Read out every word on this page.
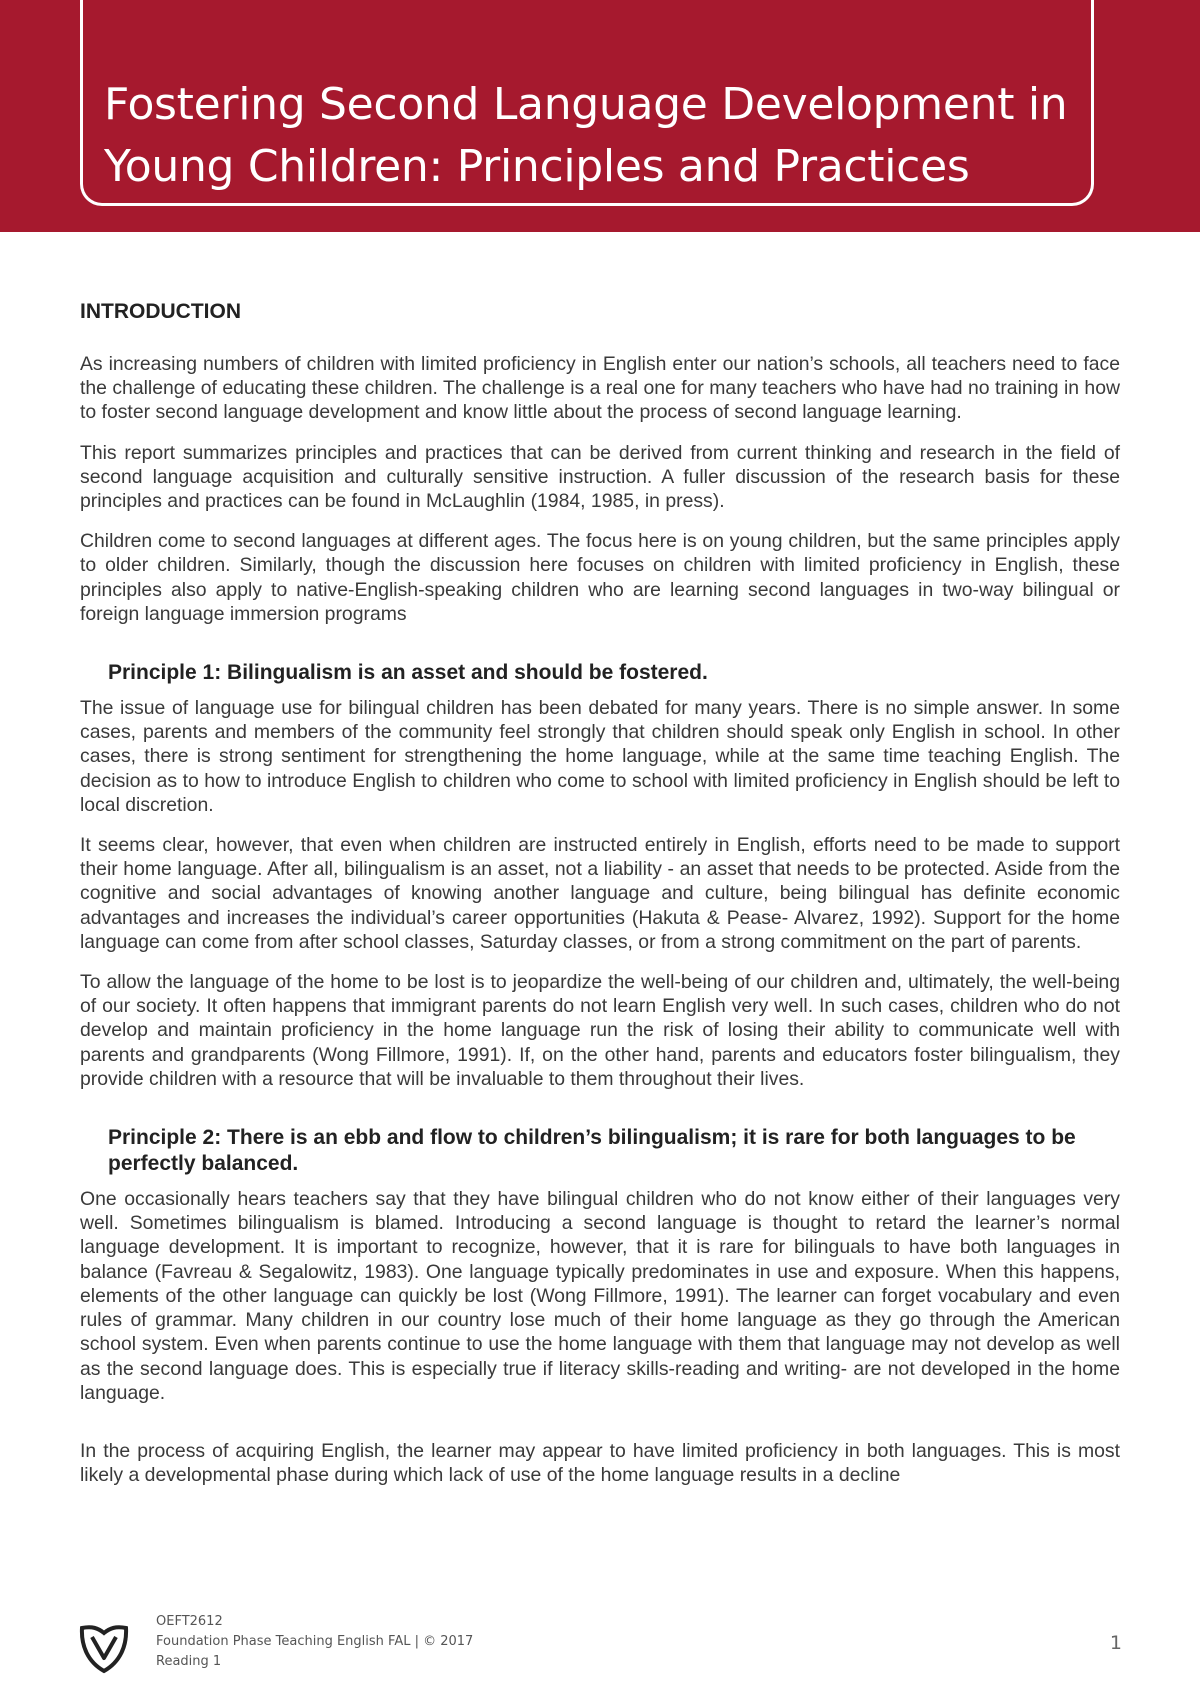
Fostering Second Language Development in Young Children: Principles and Practices
INTRODUCTION

As increasing numbers of children with limited proficiency in English enter our nation’s schools, all teachers need to face the challenge of educating these children. The challenge is a real one for many teachers who have had no training in how to foster second language development and know little about the process of second language learning.

This report summarizes principles and practices that can be derived from current thinking and research in the field of second language acquisition and culturally sensitive instruction. A fuller discussion of the research basis for these principles and practices can be found in McLaughlin (1984, 1985, in press).

Children come to second languages at different ages. The focus here is on young children, but the same principles apply to older children. Similarly, though the discussion here focuses on children with limited proficiency in English, these principles also apply to native-English-speaking children who are learning second languages in two-way bilingual or foreign language immersion programs

Principle 1: Bilingualism is an asset and should be fostered.

The issue of language use for bilingual children has been debated for many years. There is no simple answer. In some cases, parents and members of the community feel strongly that children should speak only English in school. In other cases, there is strong sentiment for strengthening the home language, while at the same time teaching English. The decision as to how to introduce English to children who come to school with limited proficiency in English should be left to local discretion.

It seems clear, however, that even when children are instructed entirely in English, efforts need to be made to support their home language. After all, bilingualism is an asset, not a liability - an asset that needs to be protected. Aside from the cognitive and social advantages of knowing another language and culture, being bilingual has definite economic advantages and increases the individual’s career opportunities (Hakuta & Pease- Alvarez, 1992). Support for the home language can come from after school classes, Saturday classes, or from a strong commitment on the part of parents.

To allow the language of the home to be lost is to jeopardize the well-being of our children and, ultimately, the well-being of our society. It often happens that immigrant parents do not learn English very well. In such cases, children who do not develop and maintain proficiency in the home language run the risk of losing their ability to communicate well with parents and grandparents (Wong Fillmore, 1991). If, on the other hand, parents and educators foster bilingualism, they provide children with a resource that will be invaluable to them throughout their lives.

Principle 2: There is an ebb and flow to children’s bilingualism; it is rare for both languages to be perfectly balanced.

One occasionally hears teachers say that they have bilingual children who do not know either of their languages very well. Sometimes bilingualism is blamed. Introducing a second language is thought to retard the learner’s normal language development. It is important to recognize, however, that it is rare for bilinguals to have both languages in balance (Favreau & Segalowitz, 1983). One language typically predominates in use and exposure. When this happens, elements of the other language can quickly be lost (Wong Fillmore, 1991). The learner can forget vocabulary and even rules of grammar. Many children in our country lose much of their home language as they go through the American school system. Even when parents continue to use the home language with them that language may not develop as well as the second language does. This is especially true if literacy skills-reading and writing- are not developed in the home language.

In the process of acquiring English, the learner may appear to have limited proficiency in both languages. This is most likely a developmental phase during which lack of use of the home language results in a decline

OEFT2612
Foundation Phase Teaching English FAL | © 2017
Reading 1
1
